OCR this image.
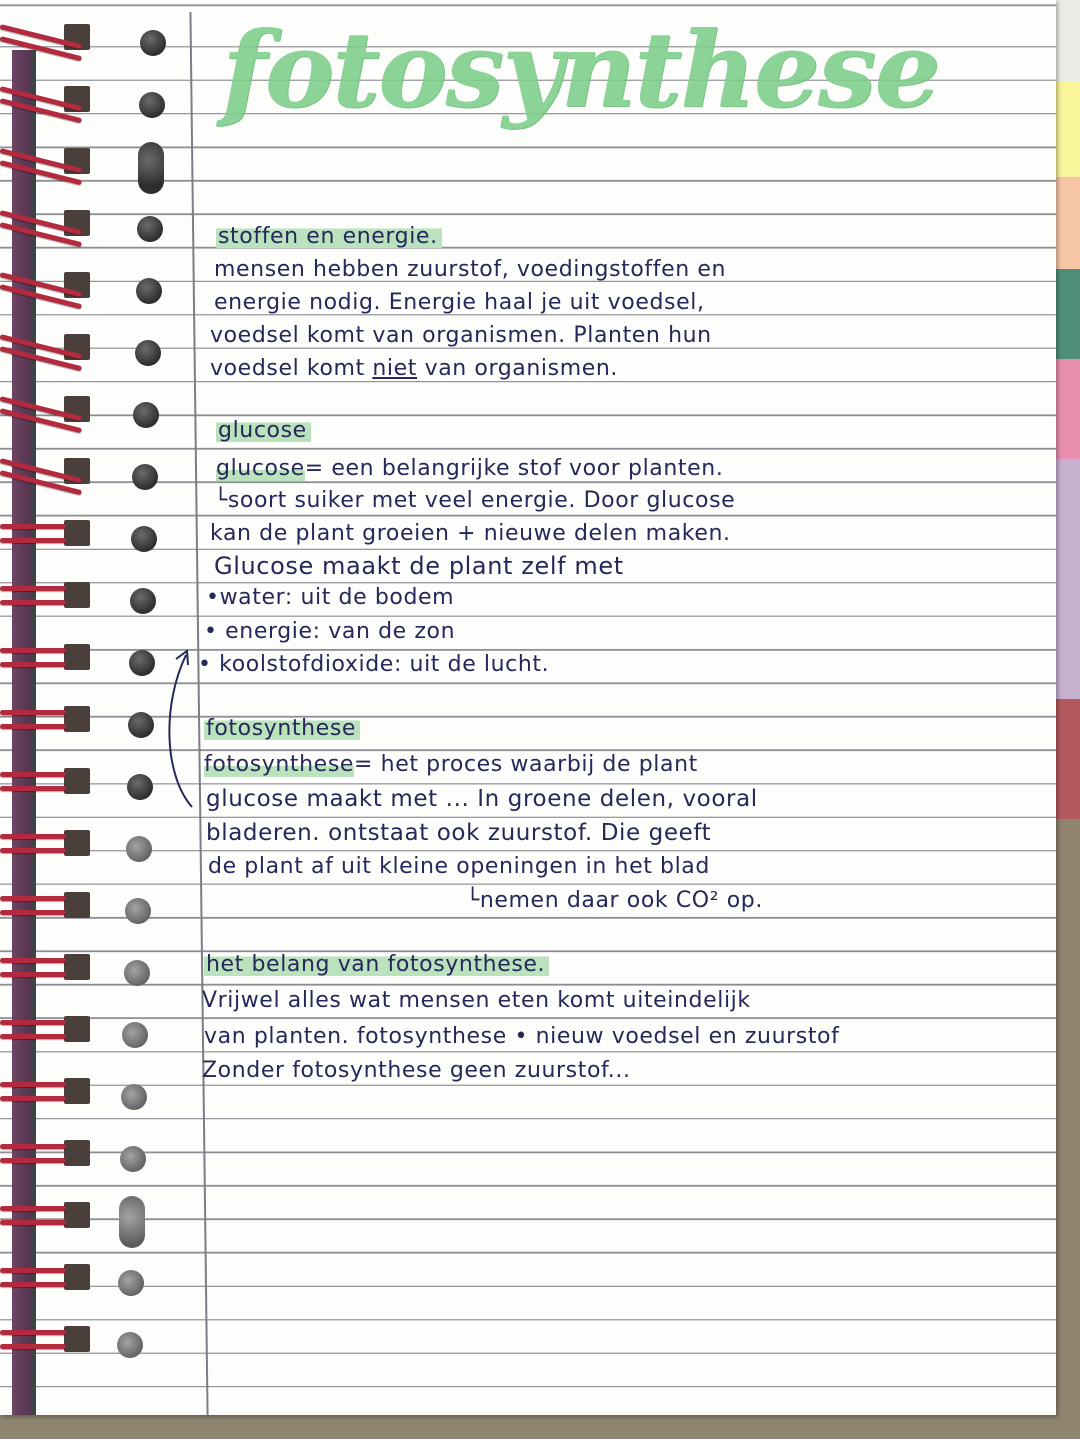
fotosynthese
stoffen en energie.
mensen hebben zuurstof, voedingstoffen en
energie nodig. Energie haal je uit voedsel,
voedsel komt van organismen. Planten hun
voedsel komt niet van organismen.
glucose
glucose= een belangrijke stof voor planten.
└soort suiker met veel energie. Door glucose
kan de plant groeien + nieuwe delen maken.
Glucose maakt de plant zelf met
•water: uit de bodem
• energie: van de zon
• koolstofdioxide: uit de lucht.
fotosynthese
fotosynthese= het proces waarbij de plant
glucose maakt met ... In groene delen, vooral
bladeren. ontstaat ook zuurstof. Die geeft
de plant af uit kleine openingen in het blad
└nemen daar ook CO² op.
het belang van fotosynthese.
Vrijwel alles wat mensen eten komt uiteindelijk
van planten. fotosynthese • nieuw voedsel en zuurstof
Zonder fotosynthese geen zuurstof...
